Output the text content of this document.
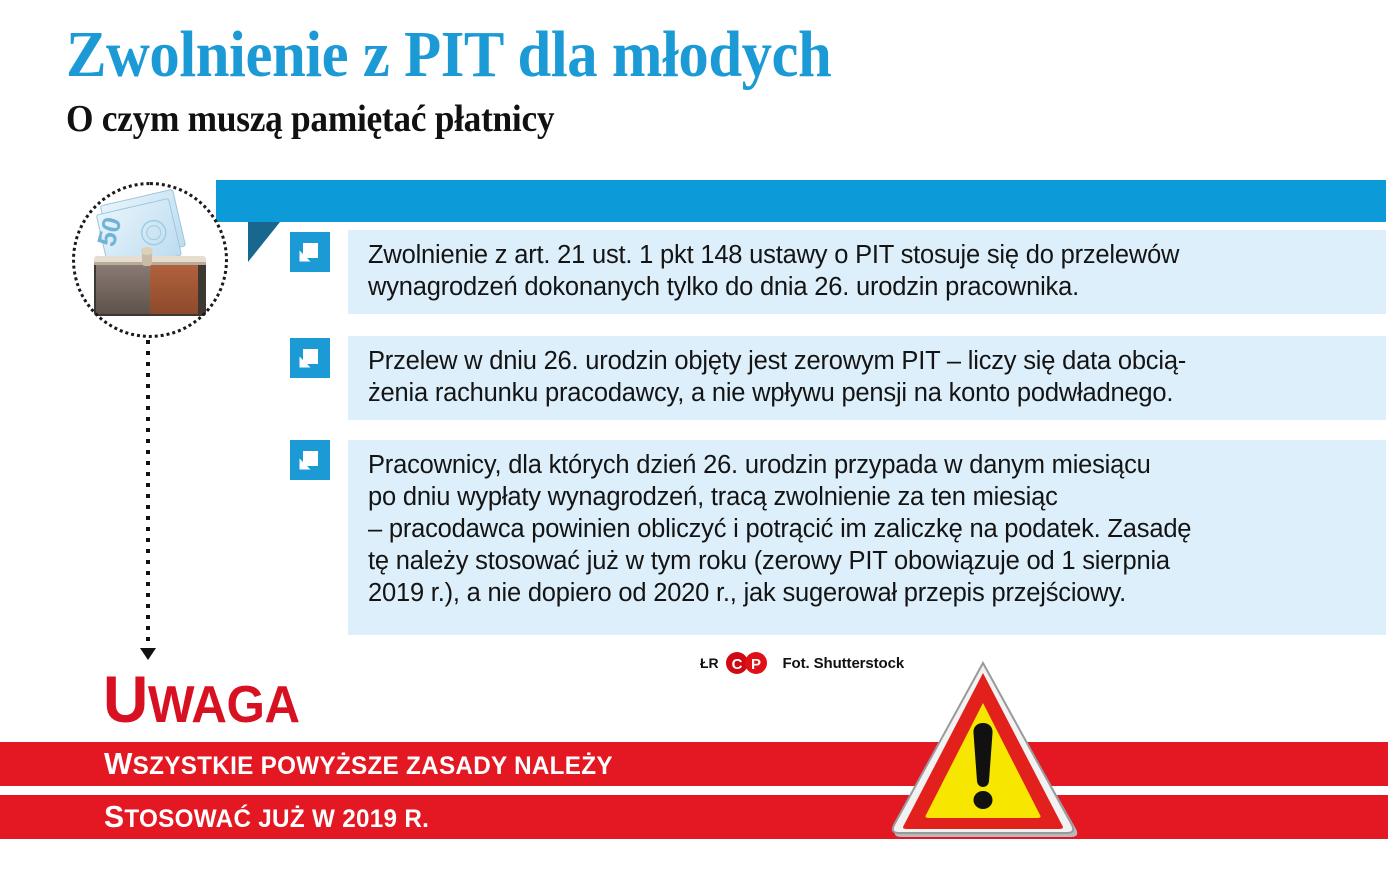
Zwolnienie z PIT dla młodych
O czym muszą pamiętać płatnicy
50

Zwolnienie z art. 21 ust. 1 pkt 148 ustawy o PIT stosuje się do przelewów

wynagrodzeń dokonanych tylko do dnia 26. urodzin pracownika.

Przelew w dniu 26. urodzin objęty jest zerowym PIT – liczy się data obcią-

żenia rachunku pracodawcy, a nie wpływu pensji na konto podwładnego.

Pracownicy, dla których dzień 26. urodzin przypada w danym miesiącu

po dniu wypłaty wynagrodzeń, tracą zwolnienie za ten miesiąc

– pracodawca powinien obliczyć i potrącić im zaliczkę na podatek. Zasadę

tę należy stosować już w tym roku (zerowy PIT obowiązuje od 1 sierpnia

2019 r.), a nie dopiero od 2020 r., jak sugerował przepis przejściowy.

ŁR C P Fot. Shutterstock
UWAGA
WSZYSTKIE POWYŻSZE ZASADY NALEŻY
STOSOWAĆ JUŻ W 2019 R.
